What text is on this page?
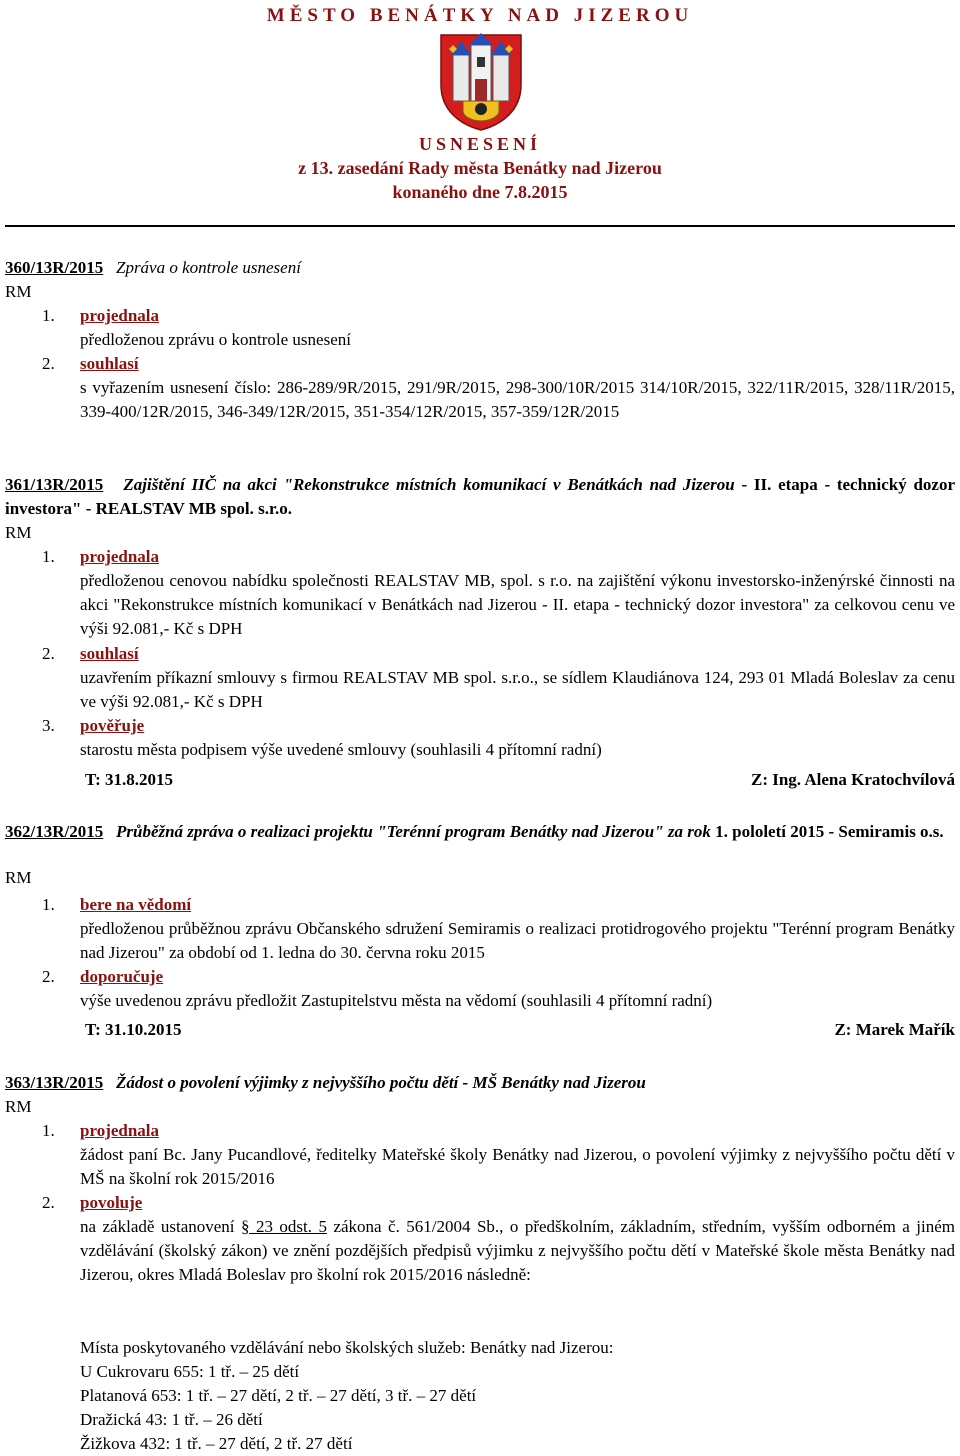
MĚSTO BENÁTKY NAD JIZEROU
USNESENÍ
z 13. zasedání Rady města Benátky nad Jizerou
konaného dne 7.8.2015
360/13R/2015 Zpráva o kontrole usnesení
RM
1. projednala
předloženou zprávu o kontrole usnesení
2. souhlasí
s vyřazením usnesení číslo: 286-289/9R/2015, 291/9R/2015, 298-300/10R/2015 314/10R/2015, 322/11R/2015, 328/11R/2015, 339-400/12R/2015, 346-349/12R/2015, 351-354/12R/2015, 357-359/12R/2015
361/13R/2015 Zajištění IIČ na akci "Rekonstrukce místních komunikací v Benátkách nad Jizerou - II. etapa - technický dozor investora" - REALSTAV MB spol. s.r.o.
RM
1. projednala
předloženou cenovou nabídku společnosti REALSTAV MB, spol. s r.o. na zajištění výkonu investorsko-inženýrské činnosti na akci "Rekonstrukce místních komunikací v Benátkách nad Jizerou - II. etapa - technický dozor investora" za celkovou cenu ve výši 92.081,- Kč s DPH
2. souhlasí
uzavřením příkazní smlouvy s firmou REALSTAV MB spol. s.r.o., se sídlem Klaudiánova 124, 293 01 Mladá Boleslav za cenu ve výši 92.081,- Kč s DPH
3. pověřuje
starostu města podpisem výše uvedené smlouvy (souhlasili 4 přítomní radní)
T: 31.8.2015	Z: Ing. Alena Kratochvílová
362/13R/2015 Průběžná zpráva o realizaci projektu "Terénní program Benátky nad Jizerou" za rok 1. pololetí 2015 - Semiramis o.s.
RM
1. bere na vědomí
předloženou průběžnou zprávu Občanského sdružení Semiramis o realizaci protidrogového projektu "Terénní program Benátky nad Jizerou" za období od 1. ledna do 30. června roku 2015
2. doporučuje
výše uvedenou zprávu předložit Zastupitelstvu města na vědomí (souhlasili 4 přítomní radní)
T: 31.10.2015	Z: Marek Mařík
363/13R/2015 Žádost o povolení výjimky z nejvyššího počtu dětí - MŠ Benátky nad Jizerou
RM
1. projednala
žádost paní Bc. Jany Pucandlové, ředitelky Mateřské školy Benátky nad Jizerou, o povolení výjimky z nejvyššího počtu dětí v MŠ na školní rok 2015/2016
2. povoluje
na základě ustanovení § 23 odst. 5 zákona č. 561/2004 Sb., o předškolním, základním, středním, vyšším odborném a jiném vzdělávání (školský zákon) ve znění pozdějších předpisů výjimku z nejvyššího počtu dětí v Mateřské škole města Benátky nad Jizerou, okres Mladá Boleslav pro školní rok 2015/2016 následně:
Místa poskytovaného vzdělávání nebo školských služeb: Benátky nad Jizerou:
U Cukrovaru 655: 1 tř. – 25 dětí
Platanová 653: 1 tř. – 27 dětí, 2 tř. – 27 dětí, 3 tř. – 27 dětí
Dražická 43: 1 tř. – 26 dětí
Žižkova 432: 1 tř. – 27 dětí, 2 tř. 27 dětí
